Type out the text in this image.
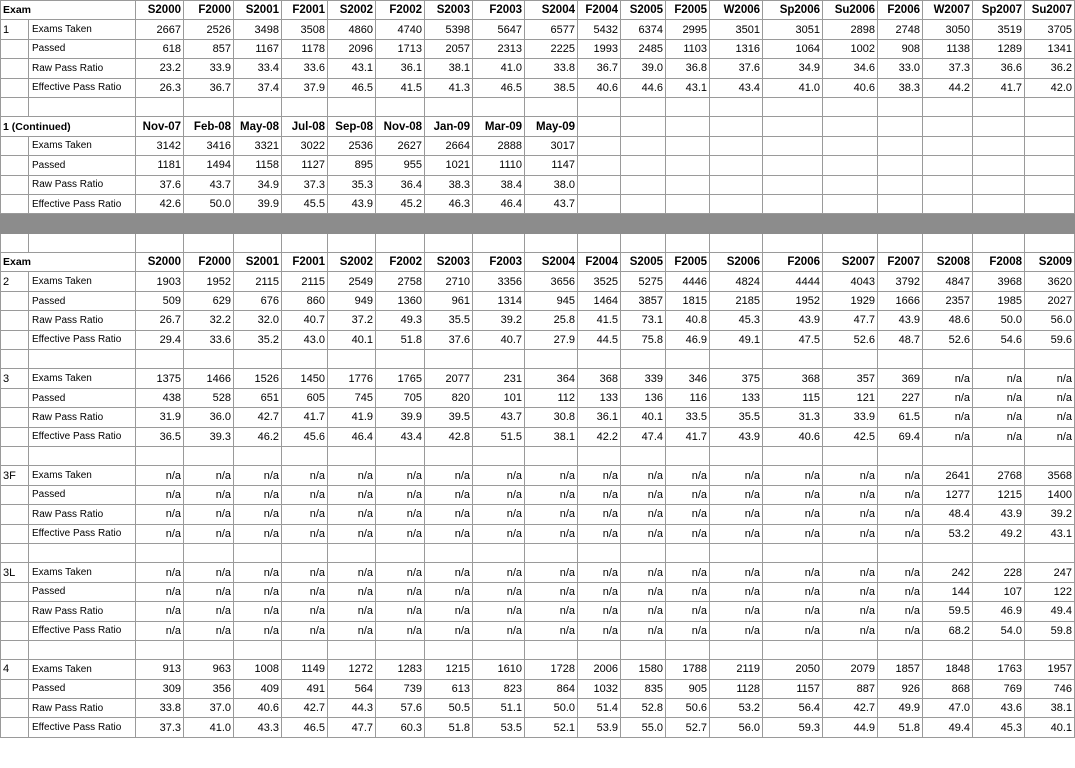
Exam		S2000	F2000	S2001	F2001	S2002	F2002	S2003	F2003	S2004	F2004	S2005	F2005	W2006	Sp2006	Su2006	F2006	W2007	Sp2007	Su2007
1	Exams Taken	2667	2526	3498	3508	4860	4740	5398	5647	6577	5432	6374	2995	3501	3051	2898	2748	3050	3519	3705
	Passed	618	857	1167	1178	2096	1713	2057	2313	2225	1993	2485	1103	1316	1064	1002	908	1138	1289	1341
	Raw Pass Ratio	23.2	33.9	33.4	33.6	43.1	36.1	38.1	41.0	33.8	36.7	39.0	36.8	37.6	34.9	34.6	33.0	37.3	36.6	36.2
	Effective Pass Ratio	26.3	36.7	37.4	37.9	46.5	41.5	41.3	46.5	38.5	40.6	44.6	43.1	43.4	41.0	40.6	38.3	44.2	41.7	42.0

1 (Continued)		Nov-07	Feb-08	May-08	Jul-08	Sep-08	Nov-08	Jan-09	Mar-09	May-09										
	Exams Taken	3142	3416	3321	3022	2536	2627	2664	2888	3017										
	Passed	1181	1494	1158	1127	895	955	1021	1110	1147										
	Raw Pass Ratio	37.6	43.7	34.9	37.3	35.3	36.4	38.3	38.4	38.0										
	Effective Pass Ratio	42.6	50.0	39.9	45.5	43.9	45.2	46.3	46.4	43.7										

Exam		S2000	F2000	S2001	F2001	S2002	F2002	S2003	F2003	S2004	F2004	S2005	F2005	S2006	F2006	S2007	F2007	S2008	F2008	S2009
2	Exams Taken	1903	1952	2115	2115	2549	2758	2710	3356	3656	3525	5275	4446	4824	4444	4043	3792	4847	3968	3620
	Passed	509	629	676	860	949	1360	961	1314	945	1464	3857	1815	2185	1952	1929	1666	2357	1985	2027
	Raw Pass Ratio	26.7	32.2	32.0	40.7	37.2	49.3	35.5	39.2	25.8	41.5	73.1	40.8	45.3	43.9	47.7	43.9	48.6	50.0	56.0
	Effective Pass Ratio	29.4	33.6	35.2	43.0	40.1	51.8	37.6	40.7	27.9	44.5	75.8	46.9	49.1	47.5	52.6	48.7	52.6	54.6	59.6

3	Exams Taken	1375	1466	1526	1450	1776	1765	2077	231	364	368	339	346	375	368	357	369	n/a	n/a	n/a
	Passed	438	528	651	605	745	705	820	101	112	133	136	116	133	115	121	227	n/a	n/a	n/a
	Raw Pass Ratio	31.9	36.0	42.7	41.7	41.9	39.9	39.5	43.7	30.8	36.1	40.1	33.5	35.5	31.3	33.9	61.5	n/a	n/a	n/a
	Effective Pass Ratio	36.5	39.3	46.2	45.6	46.4	43.4	42.8	51.5	38.1	42.2	47.4	41.7	43.9	40.6	42.5	69.4	n/a	n/a	n/a

3F	Exams Taken	n/a	n/a	n/a	n/a	n/a	n/a	n/a	n/a	n/a	n/a	n/a	n/a	n/a	n/a	n/a	n/a	2641	2768	3568
	Passed	n/a	n/a	n/a	n/a	n/a	n/a	n/a	n/a	n/a	n/a	n/a	n/a	n/a	n/a	n/a	n/a	1277	1215	1400
	Raw Pass Ratio	n/a	n/a	n/a	n/a	n/a	n/a	n/a	n/a	n/a	n/a	n/a	n/a	n/a	n/a	n/a	n/a	48.4	43.9	39.2
	Effective Pass Ratio	n/a	n/a	n/a	n/a	n/a	n/a	n/a	n/a	n/a	n/a	n/a	n/a	n/a	n/a	n/a	n/a	53.2	49.2	43.1

3L	Exams Taken	n/a	n/a	n/a	n/a	n/a	n/a	n/a	n/a	n/a	n/a	n/a	n/a	n/a	n/a	n/a	n/a	242	228	247
	Passed	n/a	n/a	n/a	n/a	n/a	n/a	n/a	n/a	n/a	n/a	n/a	n/a	n/a	n/a	n/a	n/a	144	107	122
	Raw Pass Ratio	n/a	n/a	n/a	n/a	n/a	n/a	n/a	n/a	n/a	n/a	n/a	n/a	n/a	n/a	n/a	n/a	59.5	46.9	49.4
	Effective Pass Ratio	n/a	n/a	n/a	n/a	n/a	n/a	n/a	n/a	n/a	n/a	n/a	n/a	n/a	n/a	n/a	n/a	68.2	54.0	59.8

4	Exams Taken	913	963	1008	1149	1272	1283	1215	1610	1728	2006	1580	1788	2119	2050	2079	1857	1848	1763	1957
	Passed	309	356	409	491	564	739	613	823	864	1032	835	905	1128	1157	887	926	868	769	746
	Raw Pass Ratio	33.8	37.0	40.6	42.7	44.3	57.6	50.5	51.1	50.0	51.4	52.8	50.6	53.2	56.4	42.7	49.9	47.0	43.6	38.1
	Effective Pass Ratio	37.3	41.0	43.3	46.5	47.7	60.3	51.8	53.5	52.1	53.9	55.0	52.7	56.0	59.3	44.9	51.8	49.4	45.3	40.1
